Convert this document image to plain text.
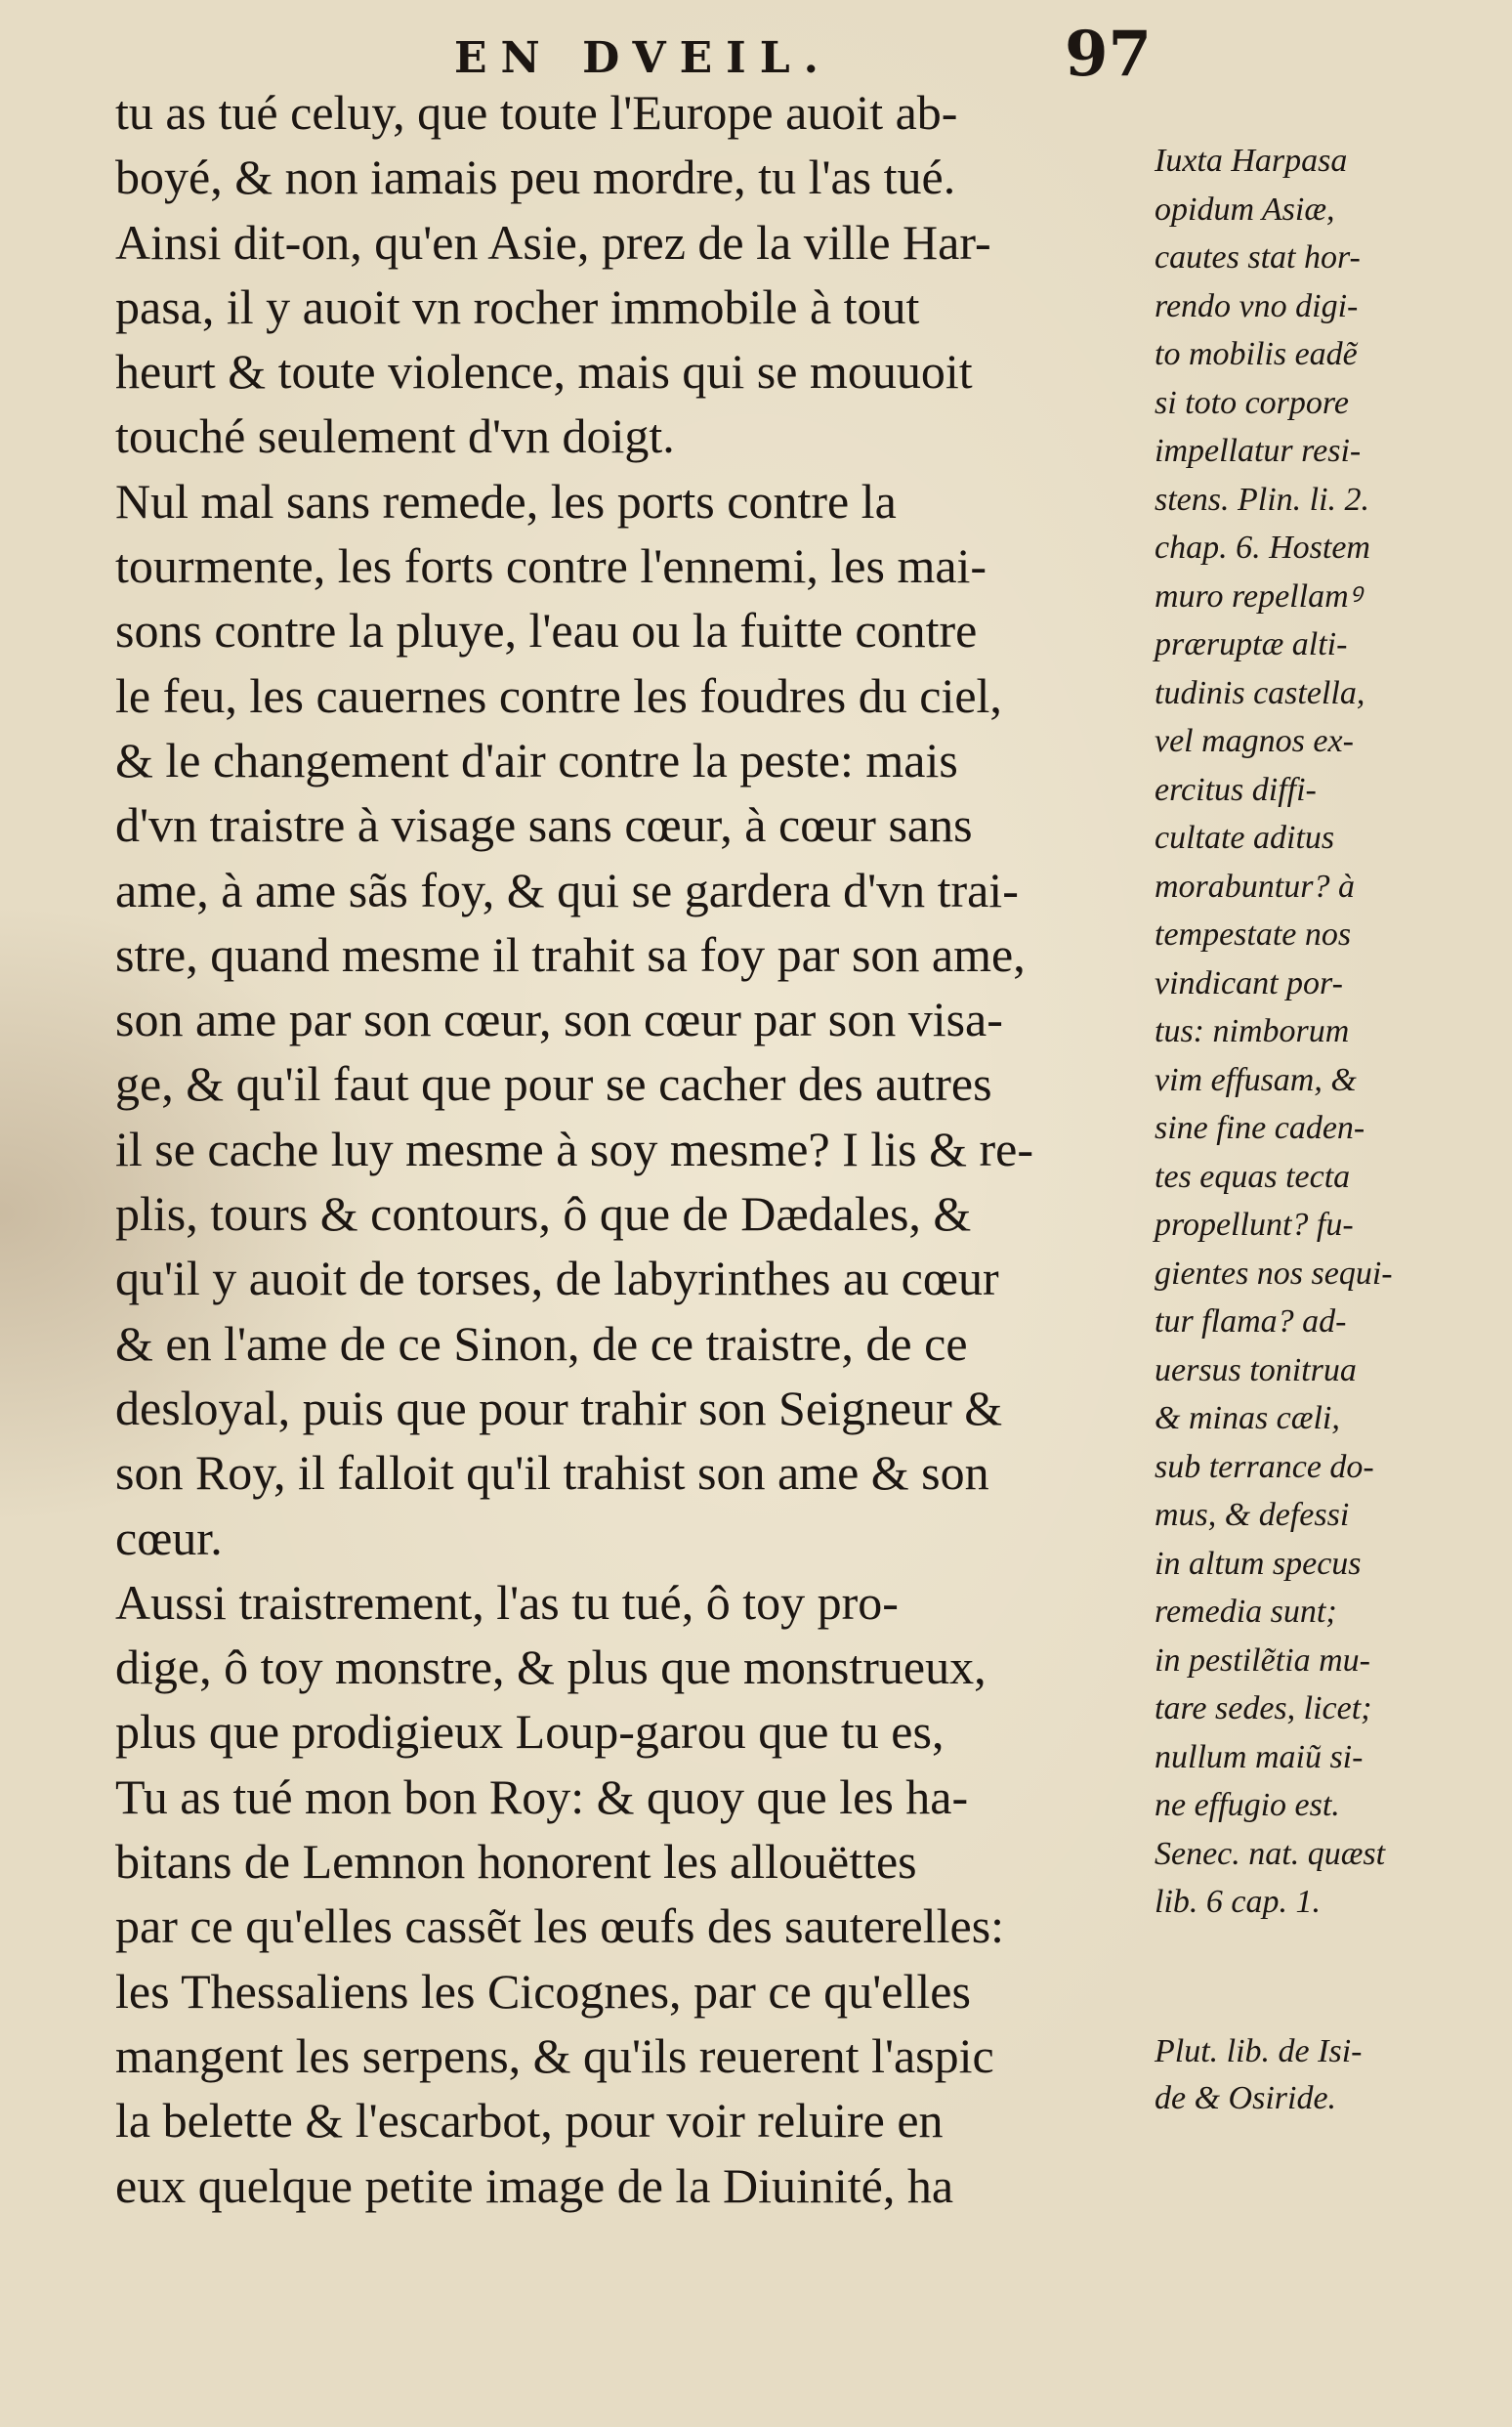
EN DVEIL.	97
tu as tué celuy, que toute l'Europe auoit ab-
boyé, & non iamais peu mordre, tu l'as tué.
Ainsi dit-on, qu'en Asie, prez de la ville Har-
pasa, il y auoit vn rocher immobile à tout
heurt & toute violence, mais qui se mouuoit
touché seulement d'vn doigt.
Nul mal sans remede, les ports contre la
tourmente, les forts contre l'ennemi, les mai-
sons contre la pluye, l'eau ou la fuitte contre
le feu, les cauernes contre les foudres du ciel,
& le changement d'air contre la peste: mais
d'vn traistre à visage sans cœur, à cœur sans
ame, à ame sãs foy, & qui se gardera d'vn trai-
stre, quand mesme il trahit sa foy par son ame,
son ame par son cœur, son cœur par son visa-
ge, & qu'il faut que pour se cacher des autres
il se cache luy mesme à soy mesme? I lis & re-
plis, tours & contours, ô que de Dædales, &
qu'il y auoit de torses, de labyrinthes au cœur
& en l'ame de ce Sinon, de ce traistre, de ce
desloyal, puis que pour trahir son Seigneur &
son Roy, il falloit qu'il trahist son ame & son
cœur.
Aussi traistrement, l'as tu tué, ô toy pro-
dige, ô toy monstre, & plus que monstrueux,
plus que prodigieux Loup-garou que tu es,
Tu as tué mon bon Roy: & quoy que les ha-
bitans de Lemnon honorent les allouëttes
par ce qu'elles cassẽt les œufs des sauterelles:
les Thessaliens les Cicognes, par ce qu'elles
mangent les serpens, & qu'ils reuerent l'aspic
la belette & l'escarbot, pour voir reluire en
eux quelque petite image de la Diuinité, ha
Iuxta Harpasa
opidum Asiæ,
cautes stat hor-
rendo vno digi-
to mobilis eadẽ
si toto corpore
impellatur resi-
stens. Plin. li. 2.
chap. 6. Hostem
muro repellamꝰ
præruptæ alti-
tudinis castella,
vel magnos ex-
ercitus diffi-
cultate aditus
morabuntur? à
tempestate nos
vindicant por-
tus: nimborum
vim effusam, &
sine fine caden-
tes equas tecta
propellunt? fu-
gientes nos sequi-
tur flama? ad-
uersus tonitrua
& minas cæli,
sub terrance do-
mus, & defessi
in altum specus
remedia sunt;
in pestilẽtia mu-
tare sedes, licet;
nullum maiũ si-
ne effugio est.
Senec. nat. quæst
lib. 6 cap. 1.
Plut. lib. de Isi-
de & Osiride.
